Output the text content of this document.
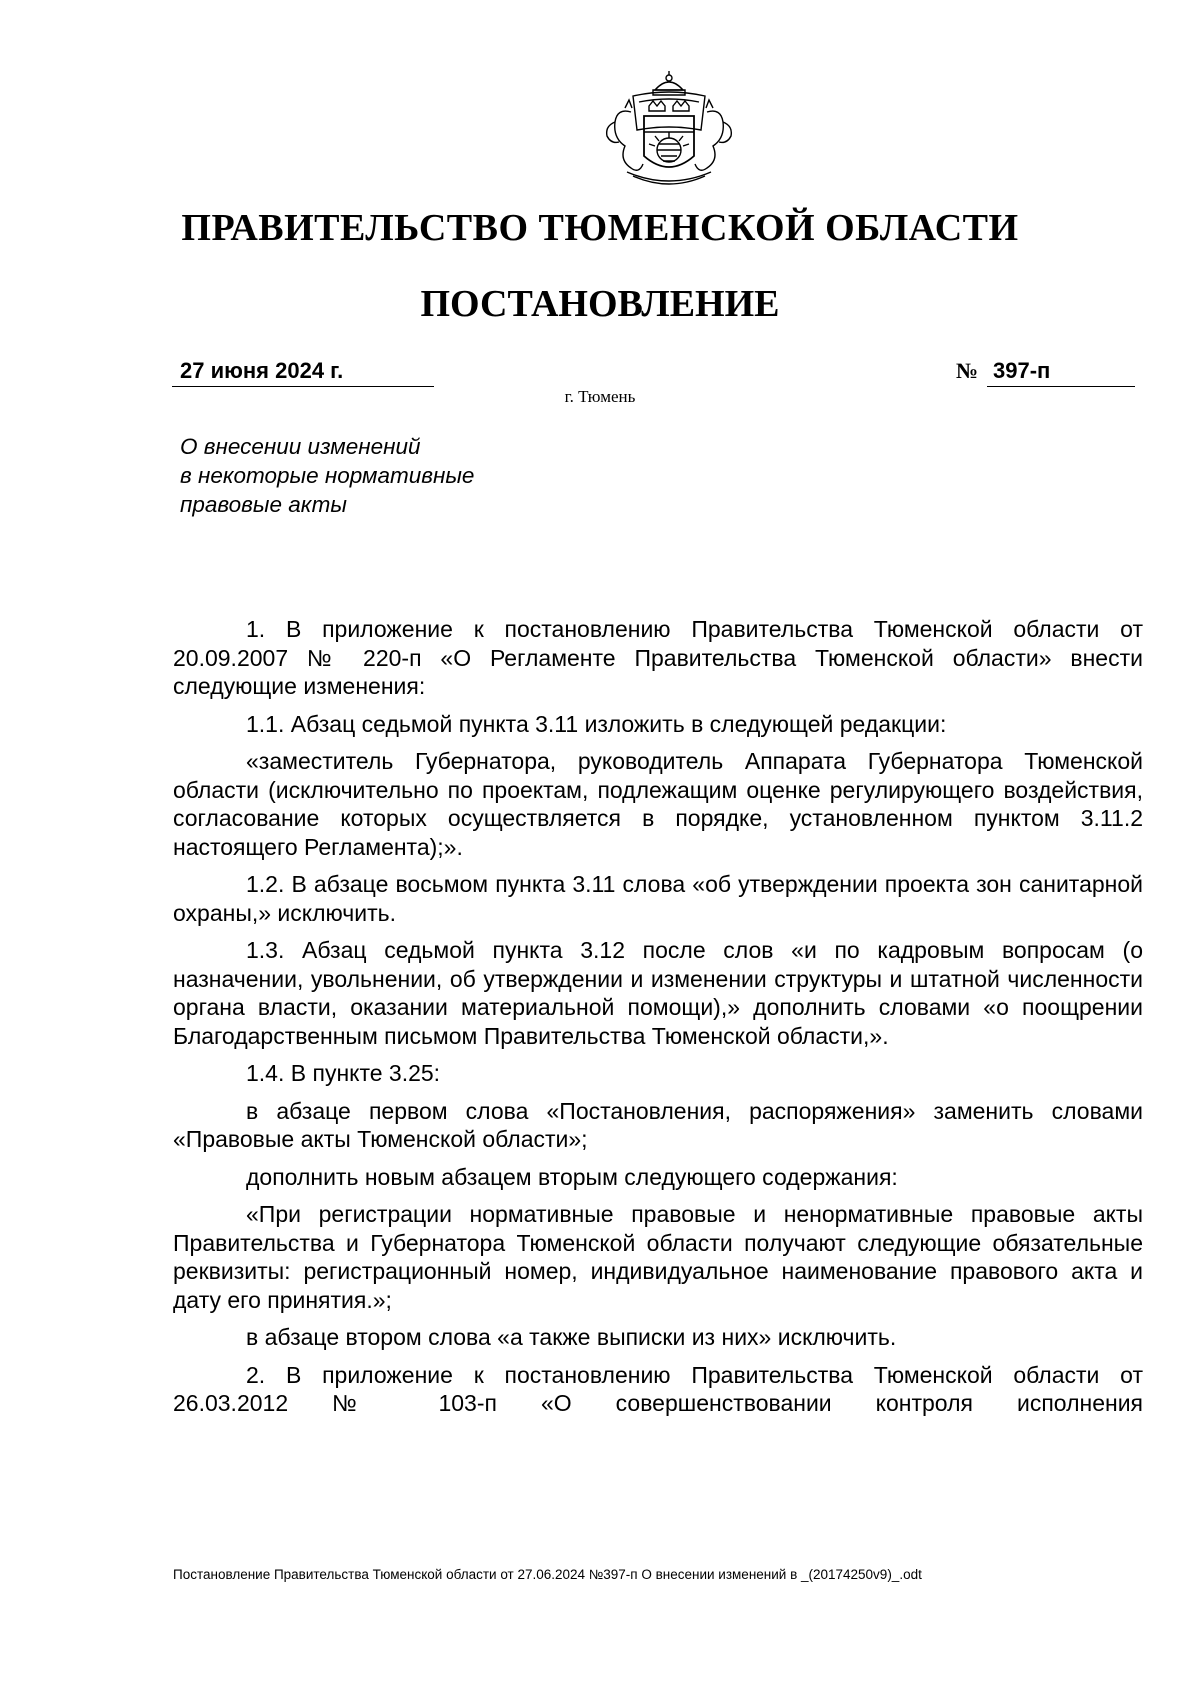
ПРАВИТЕЛЬСТВО ТЮМЕНСКОЙ ОБЛАСТИ
ПОСТАНОВЛЕНИЕ
27 июня 2024 г.	№ 397-п
г. Тюмень
О внесении изменений
в некоторые нормативные
правовые акты

1. В приложение к постановлению Правительства Тюменской области от 20.09.2007 № 220-п «О Регламенте Правительства Тюменской области» внести следующие изменения:

1.1. Абзац седьмой пункта 3.11 изложить в следующей редакции:

«заместитель Губернатора, руководитель Аппарата Губернатора Тюменской области (исключительно по проектам, подлежащим оценке регулирующего воздействия, согласование которых осуществляется в порядке, установленном пунктом 3.11.2 настоящего Регламента);».

1.2. В абзаце восьмом пункта 3.11 слова «об утверждении проекта зон санитарной охраны,» исключить.

1.3. Абзац седьмой пункта 3.12 после слов «и по кадровым вопросам (о назначении, увольнении, об утверждении и изменении структуры и штатной численности органа власти, оказании материальной помощи),» дополнить словами «о поощрении Благодарственным письмом Правительства Тюменской области,».

1.4. В пункте 3.25:

в абзаце первом слова «Постановления, распоряжения» заменить словами «Правовые акты Тюменской области»;

дополнить новым абзацем вторым следующего содержания:

«При регистрации нормативные правовые и ненормативные правовые акты Правительства и Губернатора Тюменской области получают следующие обязательные реквизиты: регистрационный номер, индивидуальное наименование правового акта и дату его принятия.»;

в абзаце втором слова «а также выписки из них» исключить.

2. В приложение к постановлению Правительства Тюменской области от 26.03.2012 № 103-п «О совершенствовании контроля исполнения

Постановление Правительства Тюменской области от 27.06.2024 №397-п О внесении изменений в _(20174250v9)_.odt
